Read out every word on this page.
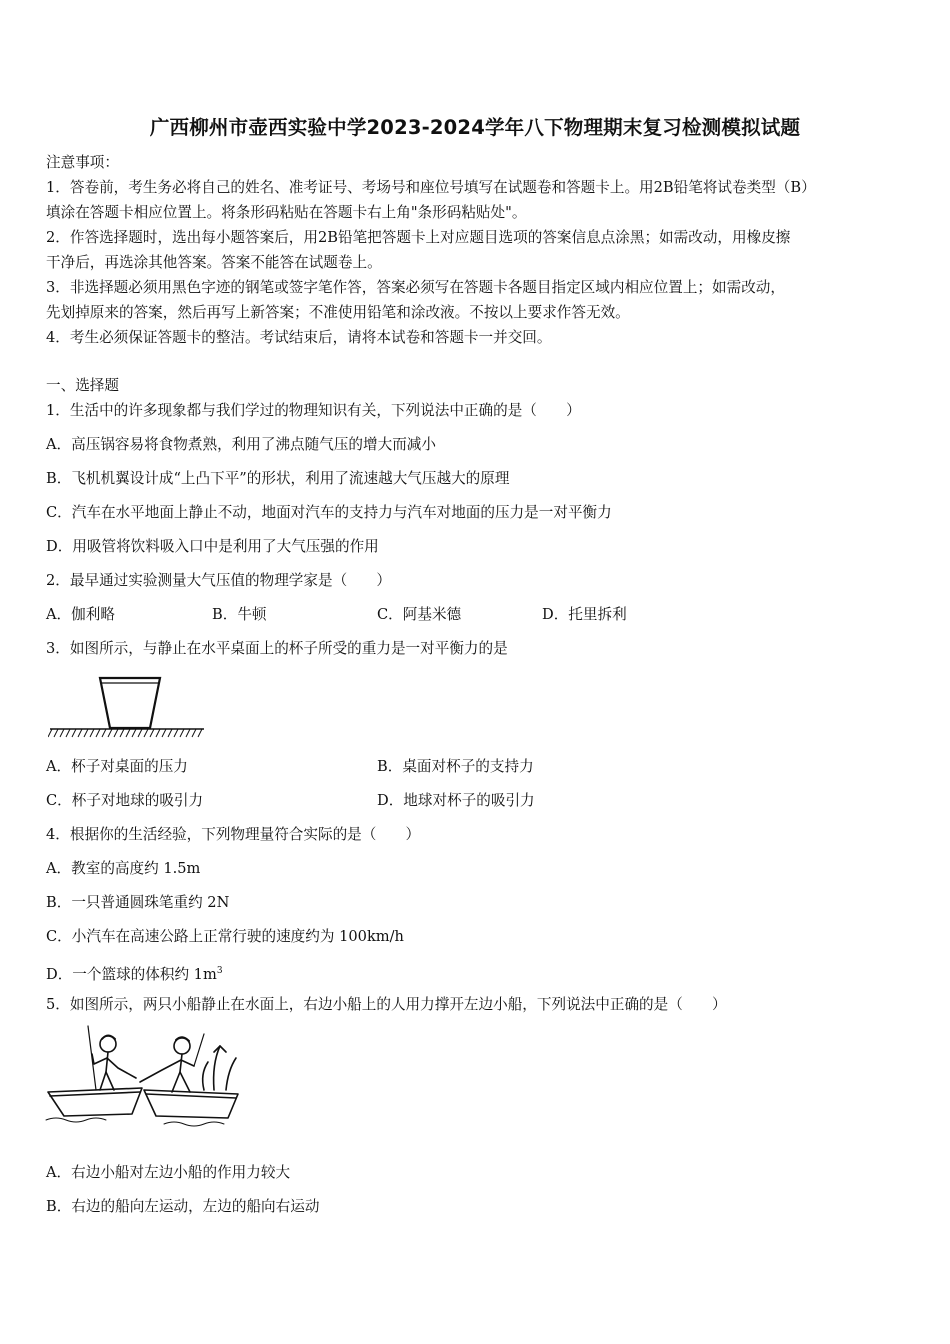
广西柳州市壶西实验中学2023-2024学年八下物理期末复习检测模拟试题
注意事项：
1．答卷前，考生务必将自己的姓名、准考证号、考场号和座位号填写在试题卷和答题卡上。用2B铅笔将试卷类型（B）
填涂在答题卡相应位置上。将条形码粘贴在答题卡右上角"条形码粘贴处"。
2．作答选择题时，选出每小题答案后，用2B铅笔把答题卡上对应题目选项的答案信息点涂黑；如需改动，用橡皮擦
干净后，再选涂其他答案。答案不能答在试题卷上。
3．非选择题必须用黑色字迹的钢笔或签字笔作答，答案必须写在答题卡各题目指定区域内相应位置上；如需改动，
先划掉原来的答案，然后再写上新答案；不准使用铅笔和涂改液。不按以上要求作答无效。
4．考生必须保证答题卡的整洁。考试结束后，请将本试卷和答题卡一并交回。
一、选择题
1．生活中的许多现象都与我们学过的物理知识有关，下列说法中正确的是（　　）
A．高压锅容易将食物煮熟，利用了沸点随气压的增大而减小
B．飞机机翼设计成“上凸下平”的形状，利用了流速越大气压越大的原理
C．汽车在水平地面上静止不动，地面对汽车的支持力与汽车对地面的压力是一对平衡力
D．用吸管将饮料吸入口中是利用了大气压强的作用
2．最早通过实验测量大气压值的物理学家是（　　）
A．伽利略	B．牛顿	C．阿基米德	D．托里拆利
3．如图所示，与静止在水平桌面上的杯子所受的重力是一对平衡力的是
A．杯子对桌面的压力	B．桌面对杯子的支持力
C．杯子对地球的吸引力	D．地球对杯子的吸引力
4．根据你的生活经验，下列物理量符合实际的是（　　）
A．教室的高度约 1.5m
B．一只普通圆珠笔重约 2N
C．小汽车在高速公路上正常行驶的速度约为 100km/h
D．一个篮球的体积约 $1m^3$
5．如图所示，两只小船静止在水面上，右边小船上的人用力撑开左边小船，下列说法中正确的是（　　）
A．右边小船对左边小船的作用力较大
B．右边的船向左运动，左边的船向右运动
